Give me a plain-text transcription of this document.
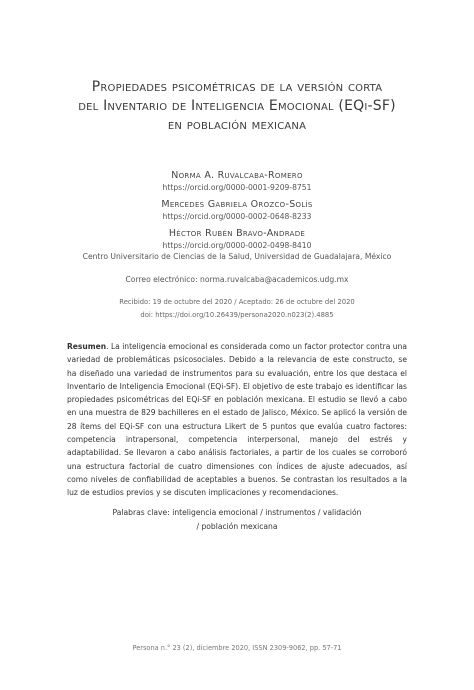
Propiedades psicométricas de la versión corta
del Inventario de Inteligencia Emocional (EQi-SF)
en población mexicana
Norma A. Ruvalcaba-Romero
https://orcid.org/0000-0001-9209-8751
Mercedes Gabriela Orozco-Solís
https://orcid.org/0000-0002-0648-8233
Héctor Rubén Bravo-Andrade
https://orcid.org/0000-0002-0498-8410
Centro Universitario de Ciencias de la Salud, Universidad de Guadalajara, México
Correo electrónico: norma.ruvalcaba@academicos.udg.mx
Recibido: 19 de octubre del 2020 / Aceptado: 26 de octubre del 2020
doi: https://doi.org/10.26439/persona2020.n023(2).4885
Resumen. La inteligencia emocional es considerada como un factor protector contra una variedad de problemáticas psicosociales. Debido a la relevancia de este constructo, se ha diseñado una variedad de instrumentos para su evaluación, entre los que destaca el Inventario de Inteligencia Emocional (EQi-SF). El objetivo de este trabajo es identificar las propiedades psicométricas del EQi-SF en población mexicana. El estudio se llevó a cabo en una muestra de 829 bachilleres en el estado de Jalisco, México. Se aplicó la versión de 28 ítems del EQi-SF con una estructura Likert de 5 puntos que evalúa cuatro factores: competencia intrapersonal, competencia interpersonal, manejo del estrés y adaptabilidad. Se llevaron a cabo análisis factoriales, a partir de los cuales se corroboró una estructura factorial de cuatro dimensiones con índices de ajuste adecuados, así como niveles de confiabilidad de aceptables a buenos. Se contrastan los resultados a la luz de estudios previos y se discuten implicaciones y recomendaciones.
Palabras clave: inteligencia emocional / instrumentos / validación
/ población mexicana
Persona n.° 23 (2), diciembre 2020, ISSN 2309-9062, pp. 57-71
